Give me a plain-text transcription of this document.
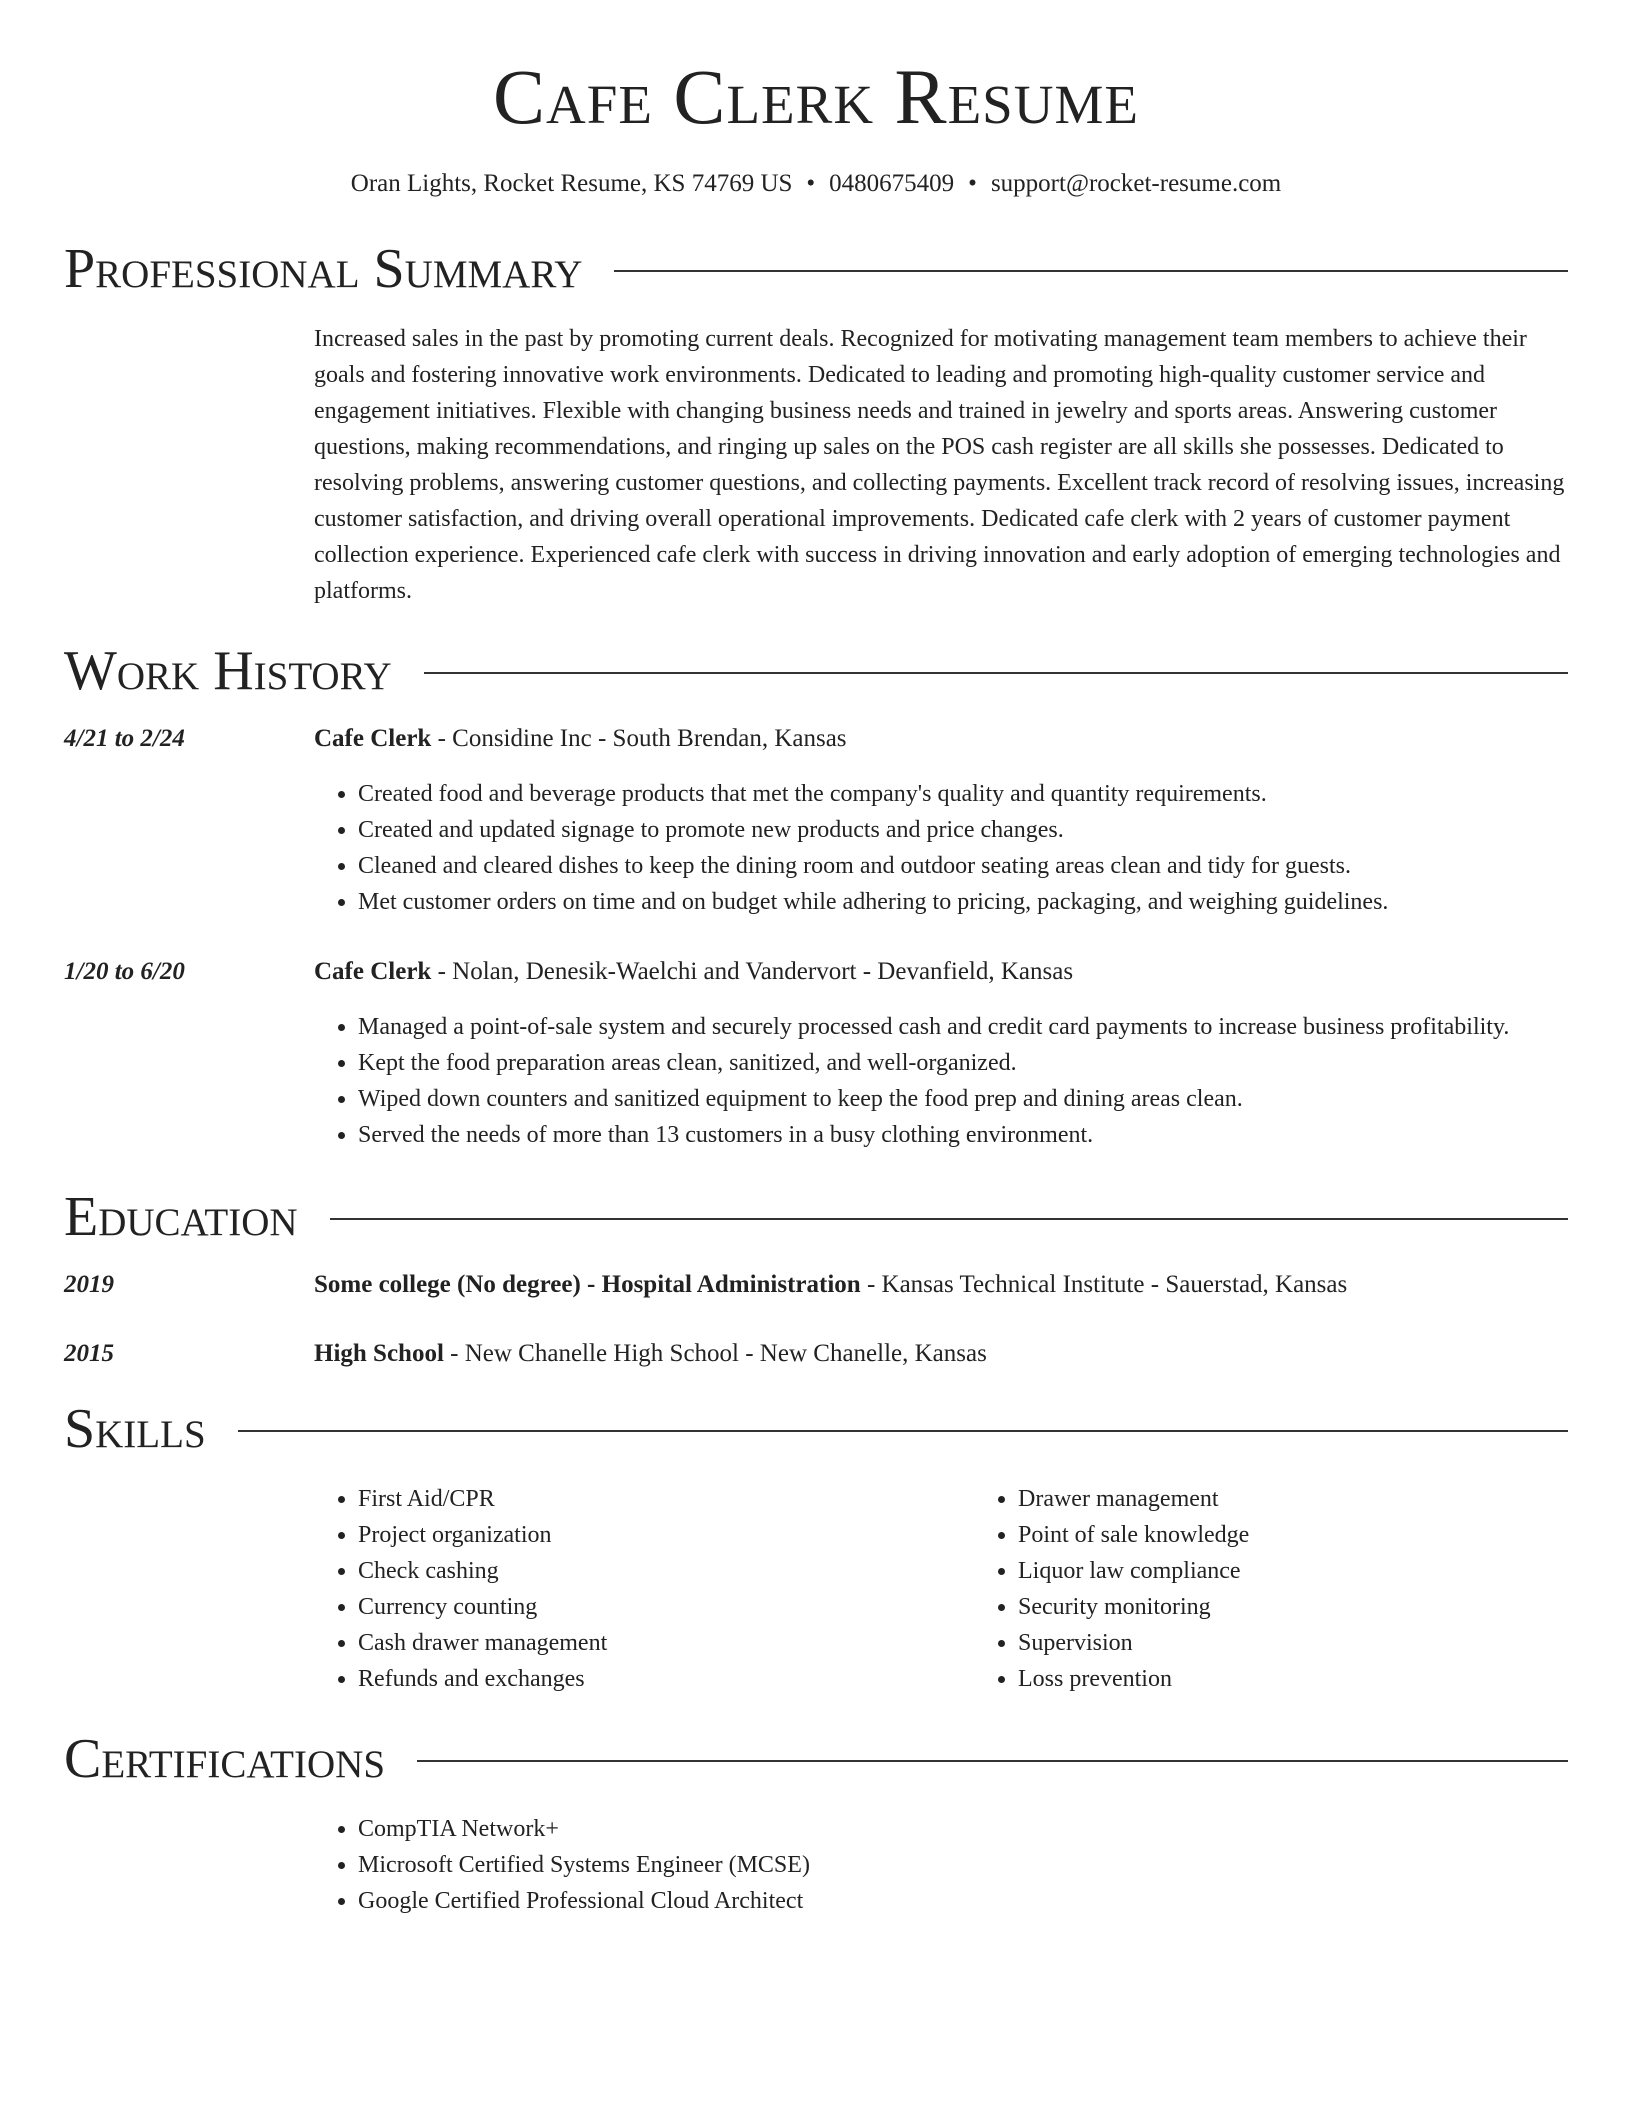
Cafe Clerk Resume
Oran Lights, Rocket Resume, KS 74769 US • 0480675409 • support@rocket-resume.com
Professional Summary
Increased sales in the past by promoting current deals. Recognized for motivating management team members to achieve their goals and fostering innovative work environments. Dedicated to leading and promoting high-quality customer service and engagement initiatives. Flexible with changing business needs and trained in jewelry and sports areas. Answering customer questions, making recommendations, and ringing up sales on the POS cash register are all skills she possesses. Dedicated to resolving problems, answering customer questions, and collecting payments. Excellent track record of resolving issues, increasing customer satisfaction, and driving overall operational improvements. Dedicated cafe clerk with 2 years of customer payment collection experience. Experienced cafe clerk with success in driving innovation and early adoption of emerging technologies and platforms.
Work History
4/21 to 2/24	Cafe Clerk - Considine Inc - South Brendan, Kansas
• Created food and beverage products that met the company's quality and quantity requirements.
• Created and updated signage to promote new products and price changes.
• Cleaned and cleared dishes to keep the dining room and outdoor seating areas clean and tidy for guests.
• Met customer orders on time and on budget while adhering to pricing, packaging, and weighing guidelines.
1/20 to 6/20	Cafe Clerk - Nolan, Denesik-Waelchi and Vandervort - Devanfield, Kansas
• Managed a point-of-sale system and securely processed cash and credit card payments to increase business profitability.
• Kept the food preparation areas clean, sanitized, and well-organized.
• Wiped down counters and sanitized equipment to keep the food prep and dining areas clean.
• Served the needs of more than 13 customers in a busy clothing environment.
Education
2019	Some college (No degree) - Hospital Administration - Kansas Technical Institute - Sauerstad, Kansas
2015	High School - New Chanelle High School - New Chanelle, Kansas
Skills
• First Aid/CPR
• Project organization
• Check cashing
• Currency counting
• Cash drawer management
• Refunds and exchanges
• Drawer management
• Point of sale knowledge
• Liquor law compliance
• Security monitoring
• Supervision
• Loss prevention
Certifications
• CompTIA Network+
• Microsoft Certified Systems Engineer (MCSE)
• Google Certified Professional Cloud Architect
